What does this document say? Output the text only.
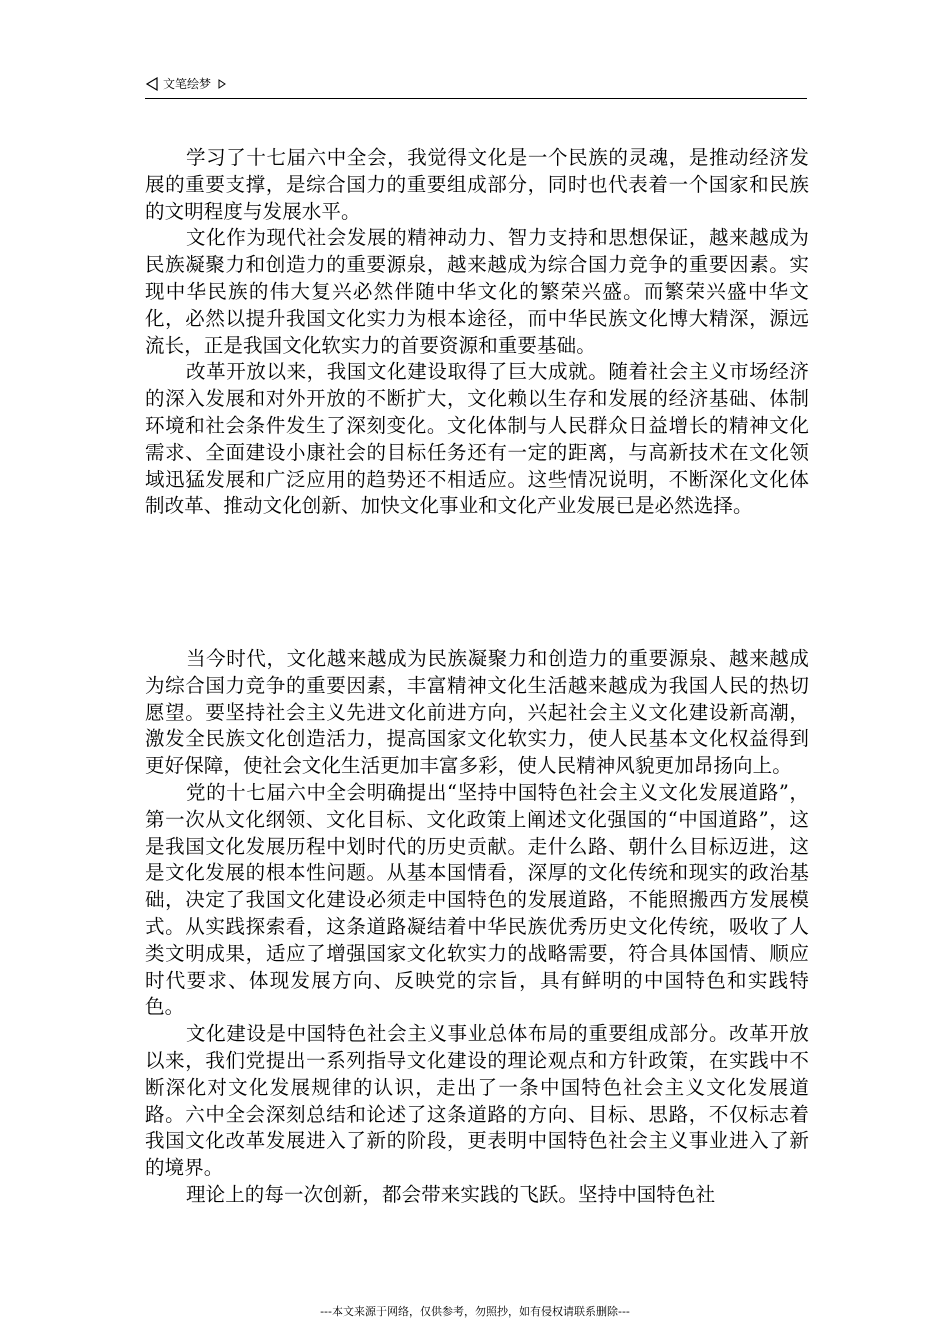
文笔绘梦

学习了十七届六中全会，我觉得文化是一个民族的灵魂，是推动经济发展的重要支撑，是综合国力的重要组成部分，同时也代表着一个国家和民族的文明程度与发展水平。

文化作为现代社会发展的精神动力、智力支持和思想保证，越来越成为民族凝聚力和创造力的重要源泉，越来越成为综合国力竞争的重要因素。实现中华民族的伟大复兴必然伴随中华文化的繁荣兴盛。而繁荣兴盛中华文化，必然以提升我国文化实力为根本途径，而中华民族文化博大精深，源远流长，正是我国文化软实力的首要资源和重要基础。

改革开放以来，我国文化建设取得了巨大成就。随着社会主义市场经济的深入发展和对外开放的不断扩大，文化赖以生存和发展的经济基础、体制环境和社会条件发生了深刻变化。文化体制与人民群众日益增长的精神文化需求、全面建设小康社会的目标任务还有一定的距离，与高新技术在文化领域迅猛发展和广泛应用的趋势还不相适应。这些情况说明，不断深化文化体制改革、推动文化创新、加快文化事业和文化产业发展已是必然选择。

当今时代，文化越来越成为民族凝聚力和创造力的重要源泉、越来越成为综合国力竞争的重要因素，丰富精神文化生活越来越成为我国人民的热切愿望。要坚持社会主义先进文化前进方向，兴起社会主义文化建设新高潮，激发全民族文化创造活力，提高国家文化软实力，使人民基本文化权益得到更好保障，使社会文化生活更加丰富多彩，使人民精神风貌更加昂扬向上。

党的十七届六中全会明确提出“坚持中国特色社会主义文化发展道路”，第一次从文化纲领、文化目标、文化政策上阐述文化强国的“中国道路”，这是我国文化发展历程中划时代的历史贡献。走什么路、朝什么目标迈进，这是文化发展的根本性问题。从基本国情看，深厚的文化传统和现实的政治基础，决定了我国文化建设必须走中国特色的发展道路，不能照搬西方发展模式。从实践探索看，这条道路凝结着中华民族优秀历史文化传统，吸收了人类文明成果，适应了增强国家文化软实力的战略需要，符合具体国情、顺应时代要求、体现发展方向、反映党的宗旨，具有鲜明的中国特色和实践特色。

文化建设是中国特色社会主义事业总体布局的重要组成部分。改革开放以来，我们党提出一系列指导文化建设的理论观点和方针政策，在实践中不断深化对文化发展规律的认识，走出了一条中国特色社会主义文化发展道路。六中全会深刻总结和论述了这条道路的方向、目标、思路，不仅标志着我国文化改革发展进入了新的阶段，更表明中国特色社会主义事业进入了新的境界。

理论上的每一次创新，都会带来实践的飞跃。坚持中国特色社

---本文来源于网络，仅供参考，勿照抄，如有侵权请联系删除---
